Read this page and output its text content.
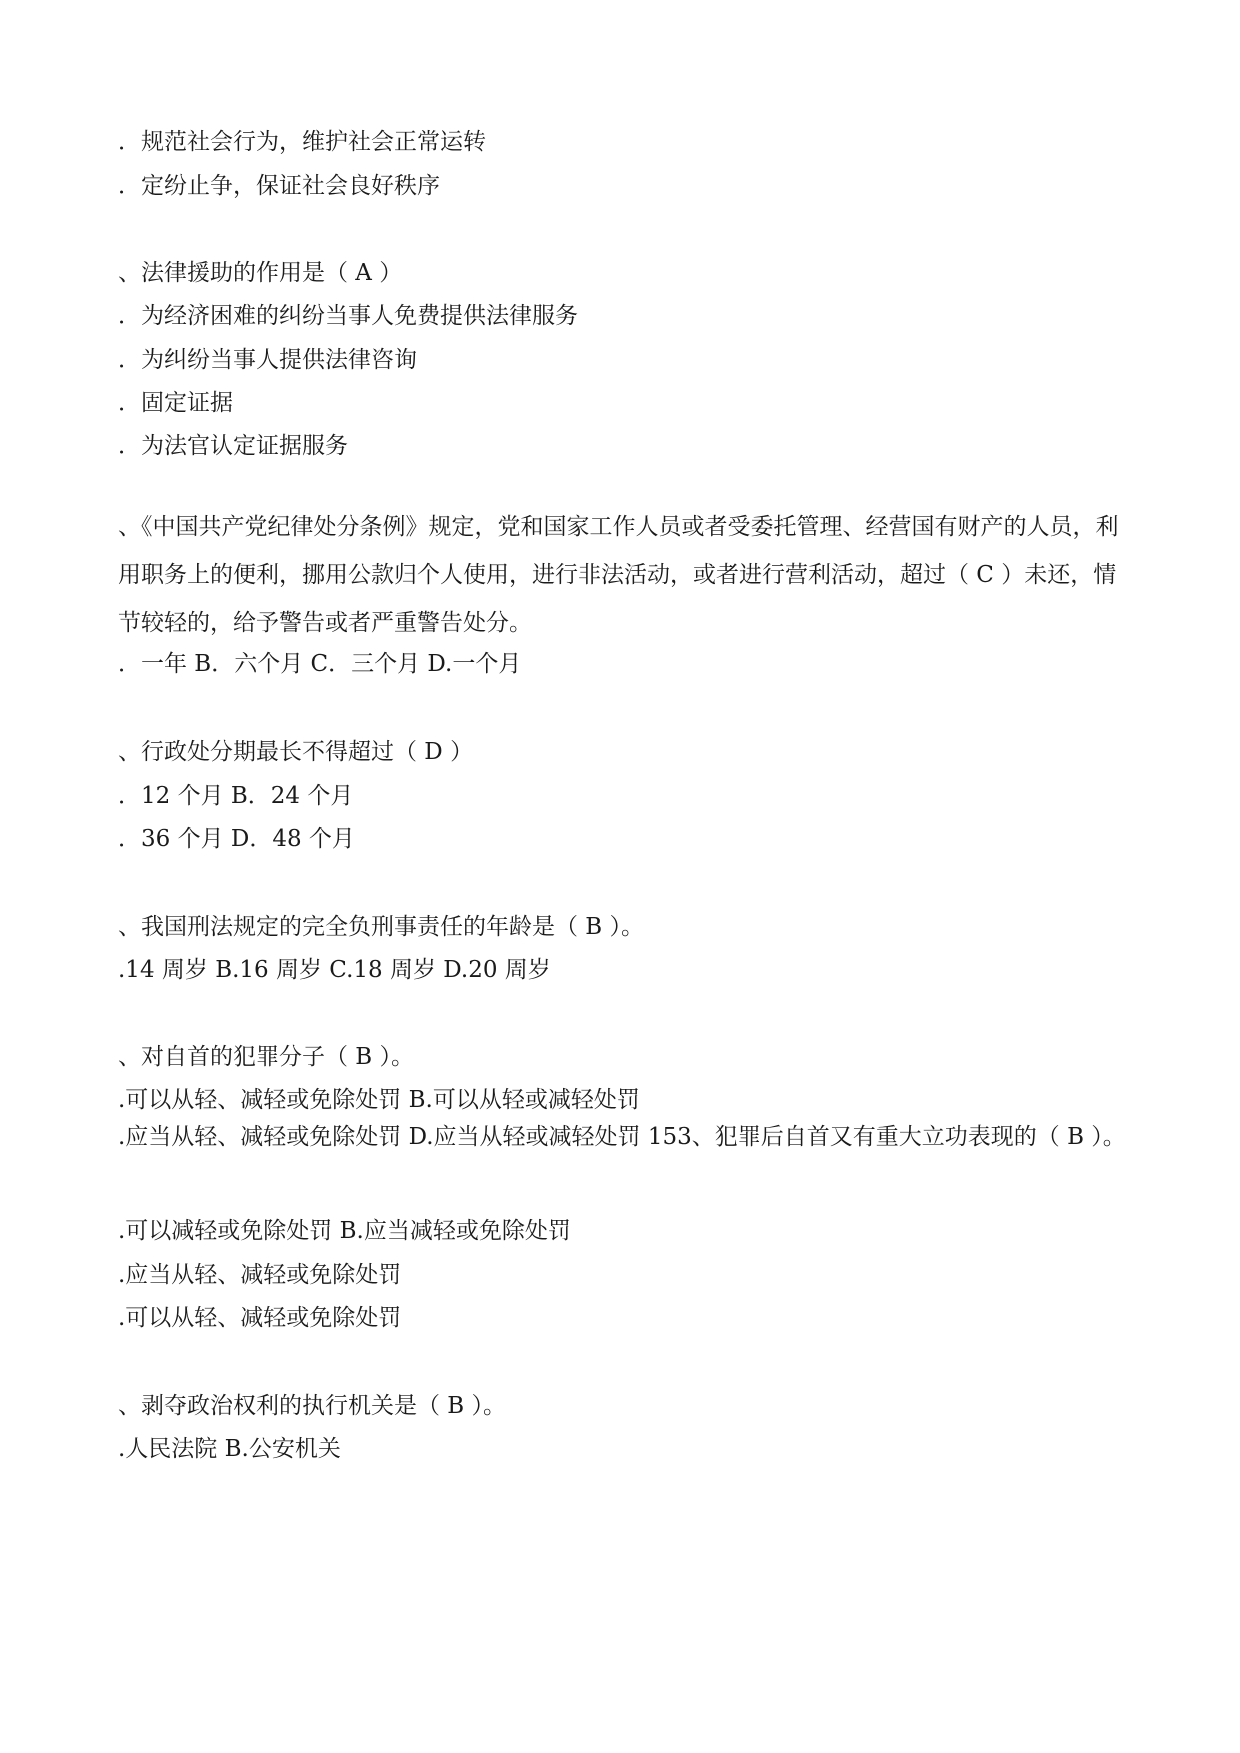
．规范社会行为，维护社会正常运转
．定纷止争，保证社会良好秩序
、法律援助的作用是（ A ）
．为经济困难的纠纷当事人免费提供法律服务
．为纠纷当事人提供法律咨询
．固定证据
．为法官认定证据服务
、《中国共产党纪律处分条例》规定，党和国家工作人员或者受委托管理、经营国有财产的人员，利用职务上的便利，挪用公款归个人使用，进行非法活动，或者进行营利活动，超过（ C ）未还，情节较轻的，给予警告或者严重警告处分。
．一年 B．六个月 C．三个月 D.一个月
、行政处分期最长不得超过（ D ）
．12 个月 B．24 个月
．36 个月 D．48 个月
、我国刑法规定的完全负刑事责任的年龄是（ B ）。
.14 周岁 B.16 周岁 C.18 周岁 D.20 周岁
、对自首的犯罪分子（ B ）。
.可以从轻、减轻或免除处罚 B.可以从轻或减轻处罚
.应当从轻、减轻或免除处罚 D.应当从轻或减轻处罚 153、犯罪后自首又有重大立功表现的（ B ）。
.可以减轻或免除处罚 B.应当减轻或免除处罚
.应当从轻、减轻或免除处罚
.可以从轻、减轻或免除处罚
、剥夺政治权利的执行机关是（ B ）。
.人民法院 B.公安机关
